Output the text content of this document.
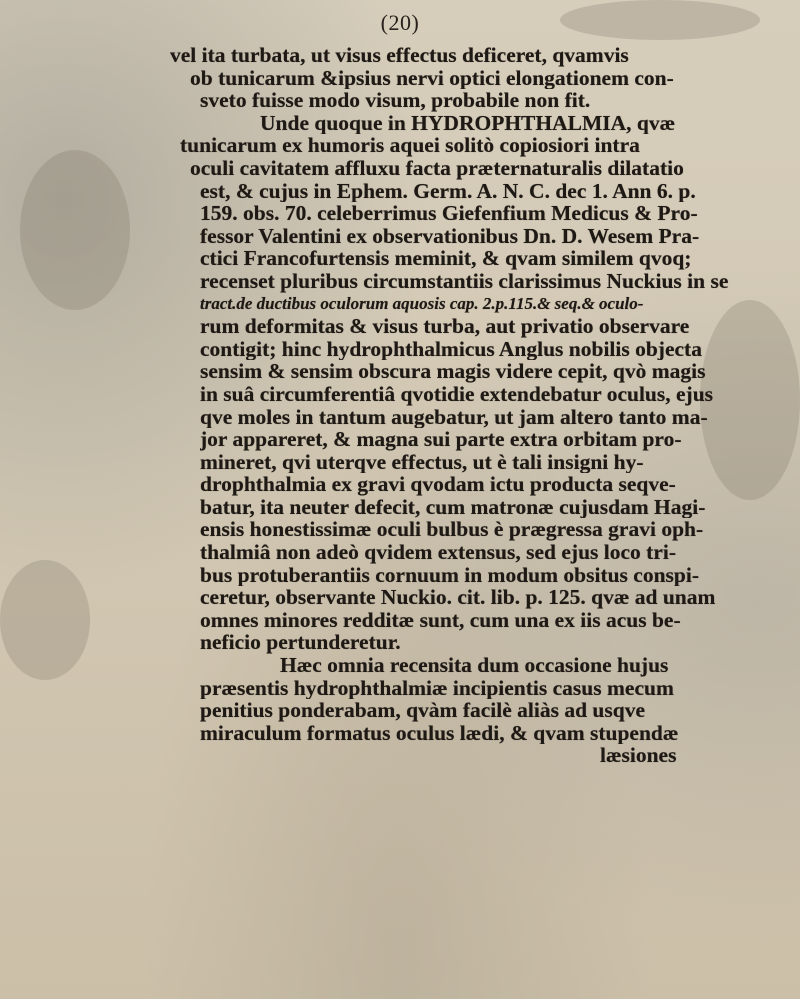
(20)
vel ita turbata, ut visus effectus deficeret, qvamvis
ob tunicarum &ipsius nervi optici elongationem con-
sveto fuisse modo visum, probabile non fit.
Unde quoque in HYDROPHTHALMIA, qvæ
tunicarum ex humoris aquei solitò copiosiori intra
oculi cavitatem affluxu facta præternaturalis dilatatio
est, & cujus in Ephem. Germ. A. N. C. dec 1. Ann 6. p.
159. obs. 70. celeberrimus Giefenfium Medicus & Pro-
fessor Valentini ex observationibus Dn. D. Wesem Pra-
ctici Francofurtensis meminit, & qvam similem qvoq;
recenset pluribus circumstantiis clarissimus Nuckius in se
tract.de ductibus oculorum aquosis cap. 2.p.115.& seq.& oculo-
rum deformitas & visus turba, aut privatio observare
contigit; hinc hydrophthalmicus Anglus nobilis objecta
sensim & sensim obscura magis videre cepit, qvò magis
in suâ circumferentiâ qvotidie extendebatur oculus, ejus
qve moles in tantum augebatur, ut jam altero tanto ma-
jor appareret, & magna sui parte extra orbitam pro-
mineret, qvi uterqve effectus, ut è tali insigni hy-
drophthalmia ex gravi qvodam ictu producta seqve-
batur, ita neuter defecit, cum matronæ cujusdam Hagi-
ensis honestissimæ oculi bulbus è prægressa gravi oph-
thalmiâ non adeò qvidem extensus, sed ejus loco tri-
bus protuberantiis cornuum in modum obsitus conspi-
ceretur, observante Nuckio. cit. lib. p. 125. qvæ ad unam
omnes minores redditæ sunt, cum una ex iis acus be-
neficio pertunderetur.
Hæc omnia recensita dum occasione hujus
præsentis hydrophthalmiæ incipientis casus mecum
penitius ponderabam, qvàm facilè aliàs ad usqve
miraculum formatus oculus lædi, & qvam stupendæ
læsiones
